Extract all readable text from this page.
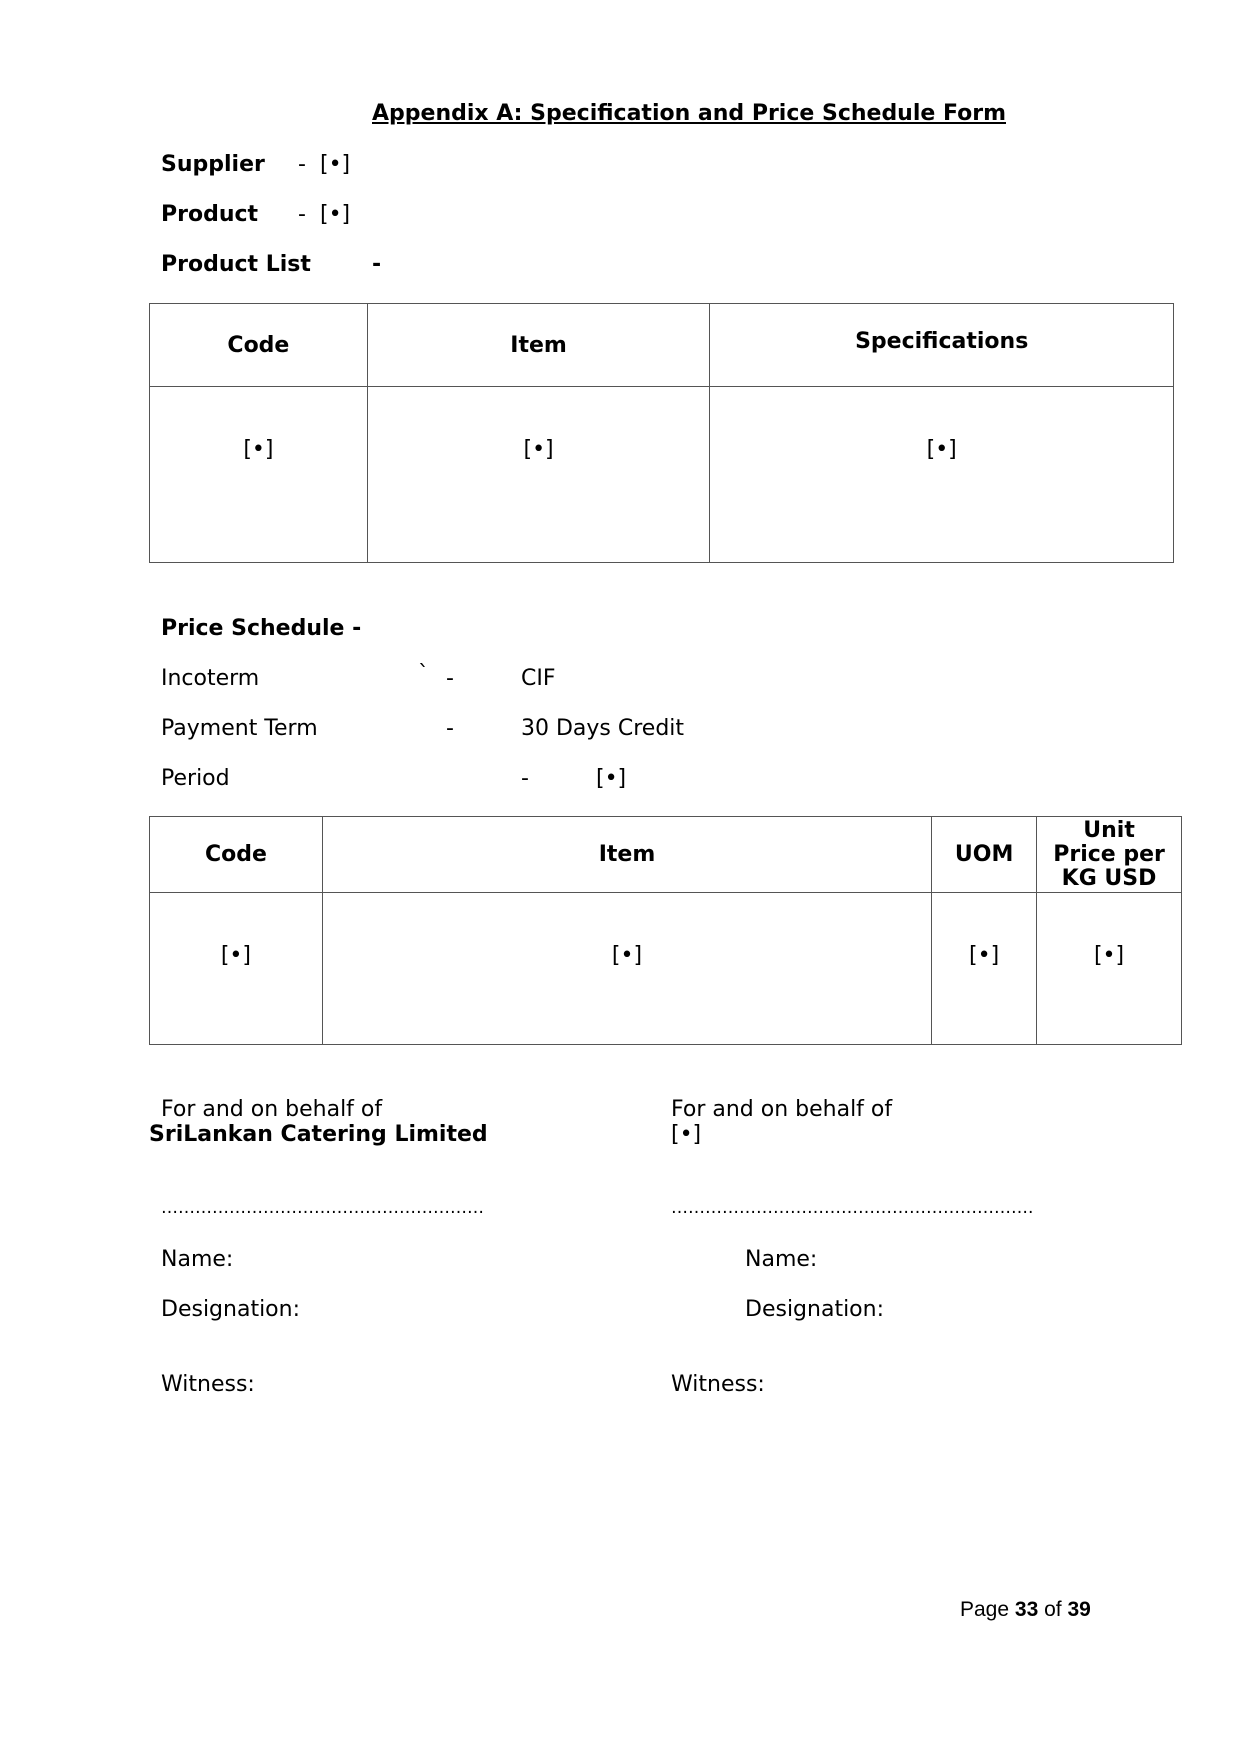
Appendix A: Specification and Price Schedule Form
Supplier - [•]
Product - [•]
Product List	-
Code	Item	Specifications
[•]	[•]	[•]
Price Schedule -
Incoterm	` -	CIF
Payment Term	-	30 Days Credit
Period	-	[•]
Code	Item	UOM	Unit
Price per
KG USD

[•]	[•]	[•]	[•]
For and on behalf of
SriLankan Catering Limited
…………………………………………………
Name:
Designation:
Witness:
For and on behalf of
[•]
……………………………………………………….
Name:
Designation:
Witness:
Page 33 of 39
